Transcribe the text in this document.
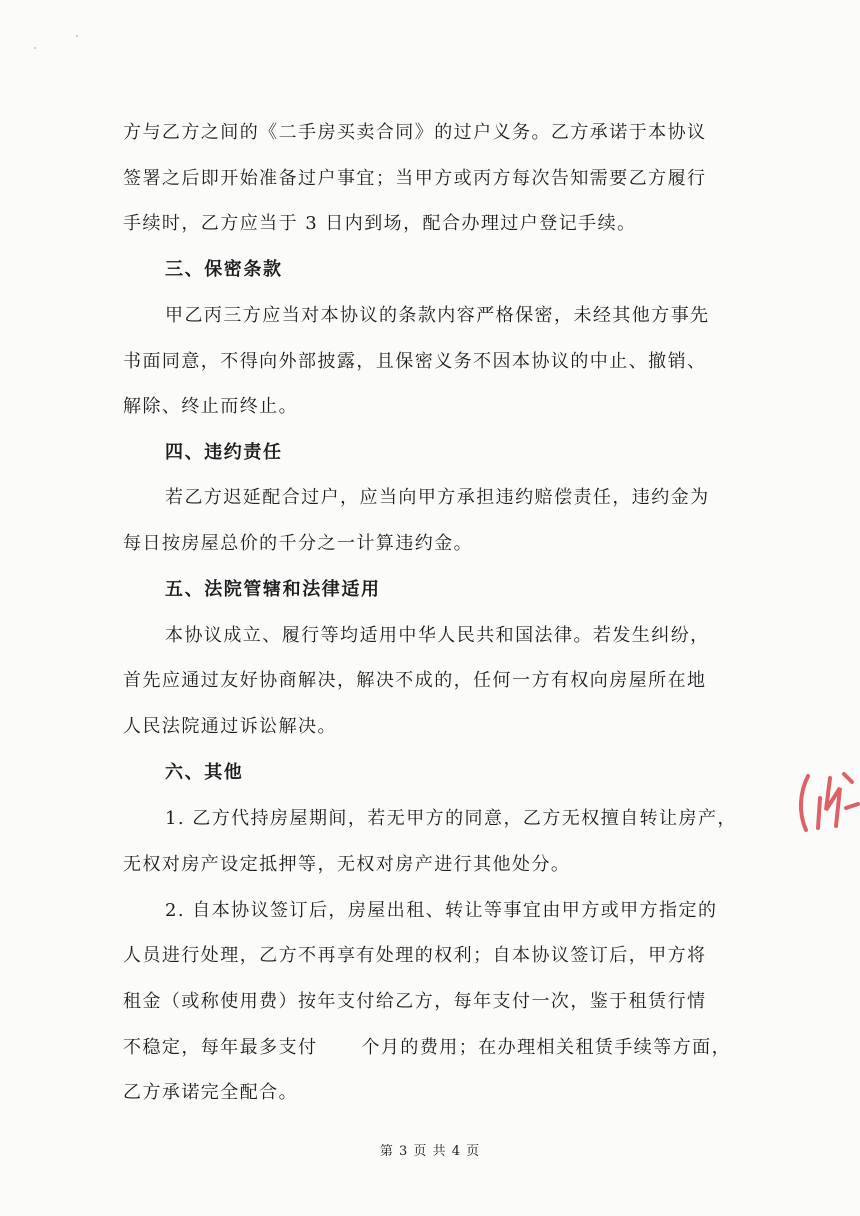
方与乙方之间的《二手房买卖合同》的过户义务。乙方承诺于本协议
签署之后即开始准备过户事宜；当甲方或丙方每次告知需要乙方履行
手续时，乙方应当于 3 日内到场，配合办理过户登记手续。
三、保密条款
甲乙丙三方应当对本协议的条款内容严格保密，未经其他方事先
书面同意，不得向外部披露，且保密义务不因本协议的中止、撤销、
解除、终止而终止。
四、违约责任
若乙方迟延配合过户，应当向甲方承担违约赔偿责任，违约金为
每日按房屋总价的千分之一计算违约金。
五、法院管辖和法律适用
本协议成立、履行等均适用中华人民共和国法律。若发生纠纷，
首先应通过友好协商解决，解决不成的，任何一方有权向房屋所在地
人民法院通过诉讼解决。
六、其他
1. 乙方代持房屋期间，若无甲方的同意，乙方无权擅自转让房产，
无权对房产设定抵押等，无权对房产进行其他处分。
2. 自本协议签订后，房屋出租、转让等事宜由甲方或甲方指定的
人员进行处理，乙方不再享有处理的权利；自本协议签订后，甲方将
租金（或称使用费）按年支付给乙方，每年支付一次，鉴于租赁行情
不稳定，每年最多支付 个月的费用；在办理相关租赁手续等方面，
乙方承诺完全配合。
第 3 页 共 4 页
